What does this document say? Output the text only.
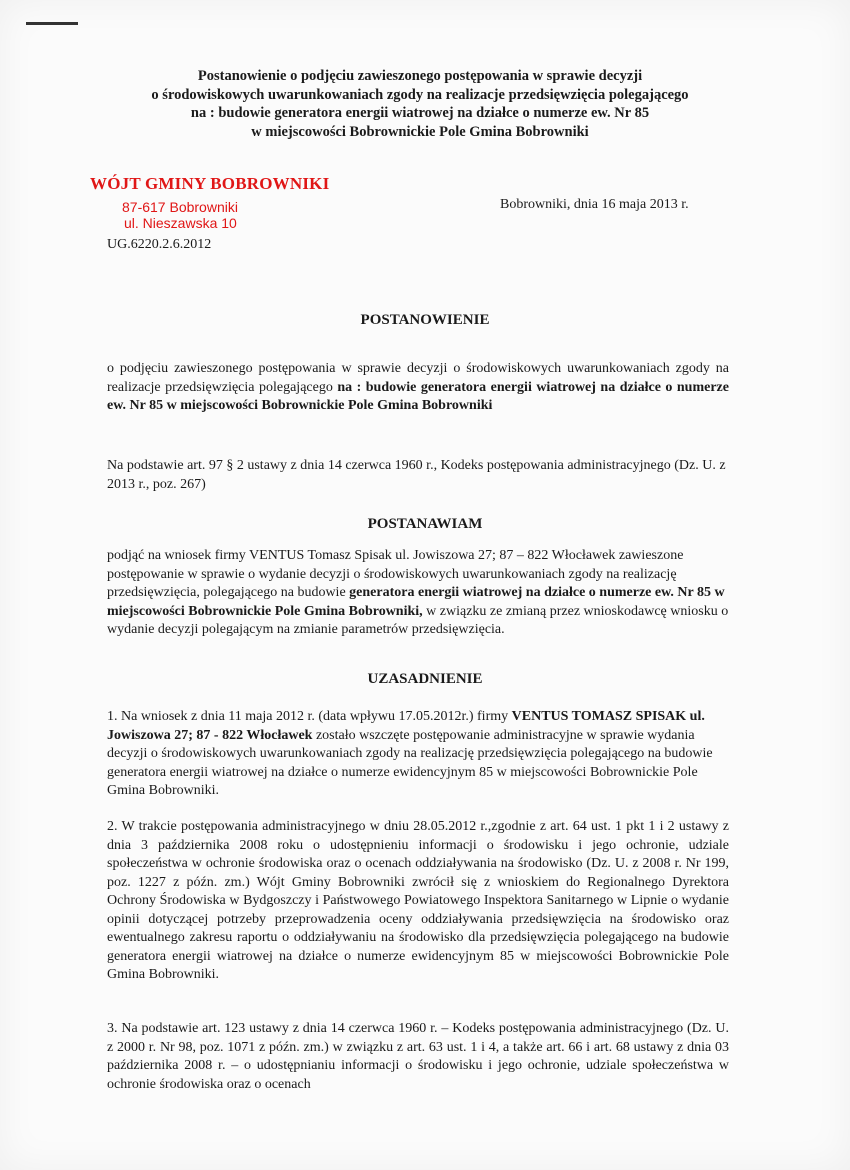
Postanowienie o podjęciu zawieszonego postępowania w sprawie decyzji
o środowiskowych uwarunkowaniach zgody na realizacje przedsięwzięcia polegającego
na : budowie generatora energii wiatrowej na działce o numerze ew. Nr 85
w miejscowości Bobrownickie Pole Gmina Bobrowniki
WÓJT GMINY BOBROWNIKI
87-617 Bobrowniki
ul. Nieszawska 10
Bobrowniki, dnia 16 maja 2013 r.
UG.6220.2.6.2012
POSTANOWIENIE
o podjęciu zawieszonego postępowania w sprawie decyzji o środowiskowych uwarunkowaniach zgody na realizacje przedsięwzięcia polegającego na : budowie generatora energii wiatrowej na działce o numerze ew. Nr 85 w miejscowości Bobrownickie Pole Gmina Bobrowniki
Na podstawie art. 97 § 2 ustawy z dnia 14 czerwca 1960 r., Kodeks postępowania administracyjnego (Dz. U. z 2013 r., poz. 267)
POSTANAWIAM
podjąć na wniosek firmy VENTUS Tomasz Spisak ul. Jowiszowa 27; 87 – 822 Włocławek zawieszone postępowanie w sprawie o wydanie decyzji o środowiskowych uwarunkowaniach zgody na realizację przedsięwzięcia, polegającego na budowie generatora energii wiatrowej na działce o numerze ew. Nr 85 w miejscowości Bobrownickie Pole Gmina Bobrowniki, w związku ze zmianą przez wnioskodawcę wniosku o wydanie decyzji polegającym na zmianie parametrów przedsięwzięcia.
UZASADNIENIE
1. Na wniosek z dnia 11 maja 2012 r. (data wpływu 17.05.2012r.) firmy VENTUS TOMASZ SPISAK ul. Jowiszowa 27; 87 - 822 Włocławek zostało wszczęte postępowanie administracyjne w sprawie wydania decyzji o środowiskowych uwarunkowaniach zgody na realizację przedsięwzięcia polegającego na budowie generatora energii wiatrowej na działce o numerze ewidencyjnym 85 w miejscowości Bobrownickie Pole Gmina Bobrowniki.
2. W trakcie postępowania administracyjnego w dniu 28.05.2012 r.,zgodnie z art. 64 ust. 1 pkt 1 i 2 ustawy z dnia 3 października 2008 roku o udostępnieniu informacji o środowisku i jego ochronie, udziale społeczeństwa w ochronie środowiska oraz o ocenach oddziaływania na środowisko (Dz. U. z 2008 r. Nr 199, poz. 1227 z późn. zm.) Wójt Gminy Bobrowniki zwrócił się z wnioskiem do Regionalnego Dyrektora Ochrony Środowiska w Bydgoszczy i Państwowego Powiatowego Inspektora Sanitarnego w Lipnie o wydanie opinii dotyczącej potrzeby przeprowadzenia oceny oddziaływania przedsięwzięcia na środowisko oraz ewentualnego zakresu raportu o oddziaływaniu na środowisko dla przedsięwzięcia polegającego na budowie generatora energii wiatrowej na działce o numerze ewidencyjnym 85 w miejscowości Bobrownickie Pole Gmina Bobrowniki.
3. Na podstawie art. 123 ustawy z dnia 14 czerwca 1960 r. – Kodeks postępowania administracyjnego (Dz. U. z 2000 r. Nr 98, poz. 1071 z późn. zm.) w związku z art. 63 ust. 1 i 4, a także art. 66 i art. 68 ustawy z dnia 03 października 2008 r. – o udostępnianiu informacji o środowisku i jego ochronie, udziale społeczeństwa w ochronie środowiska oraz o ocenach
